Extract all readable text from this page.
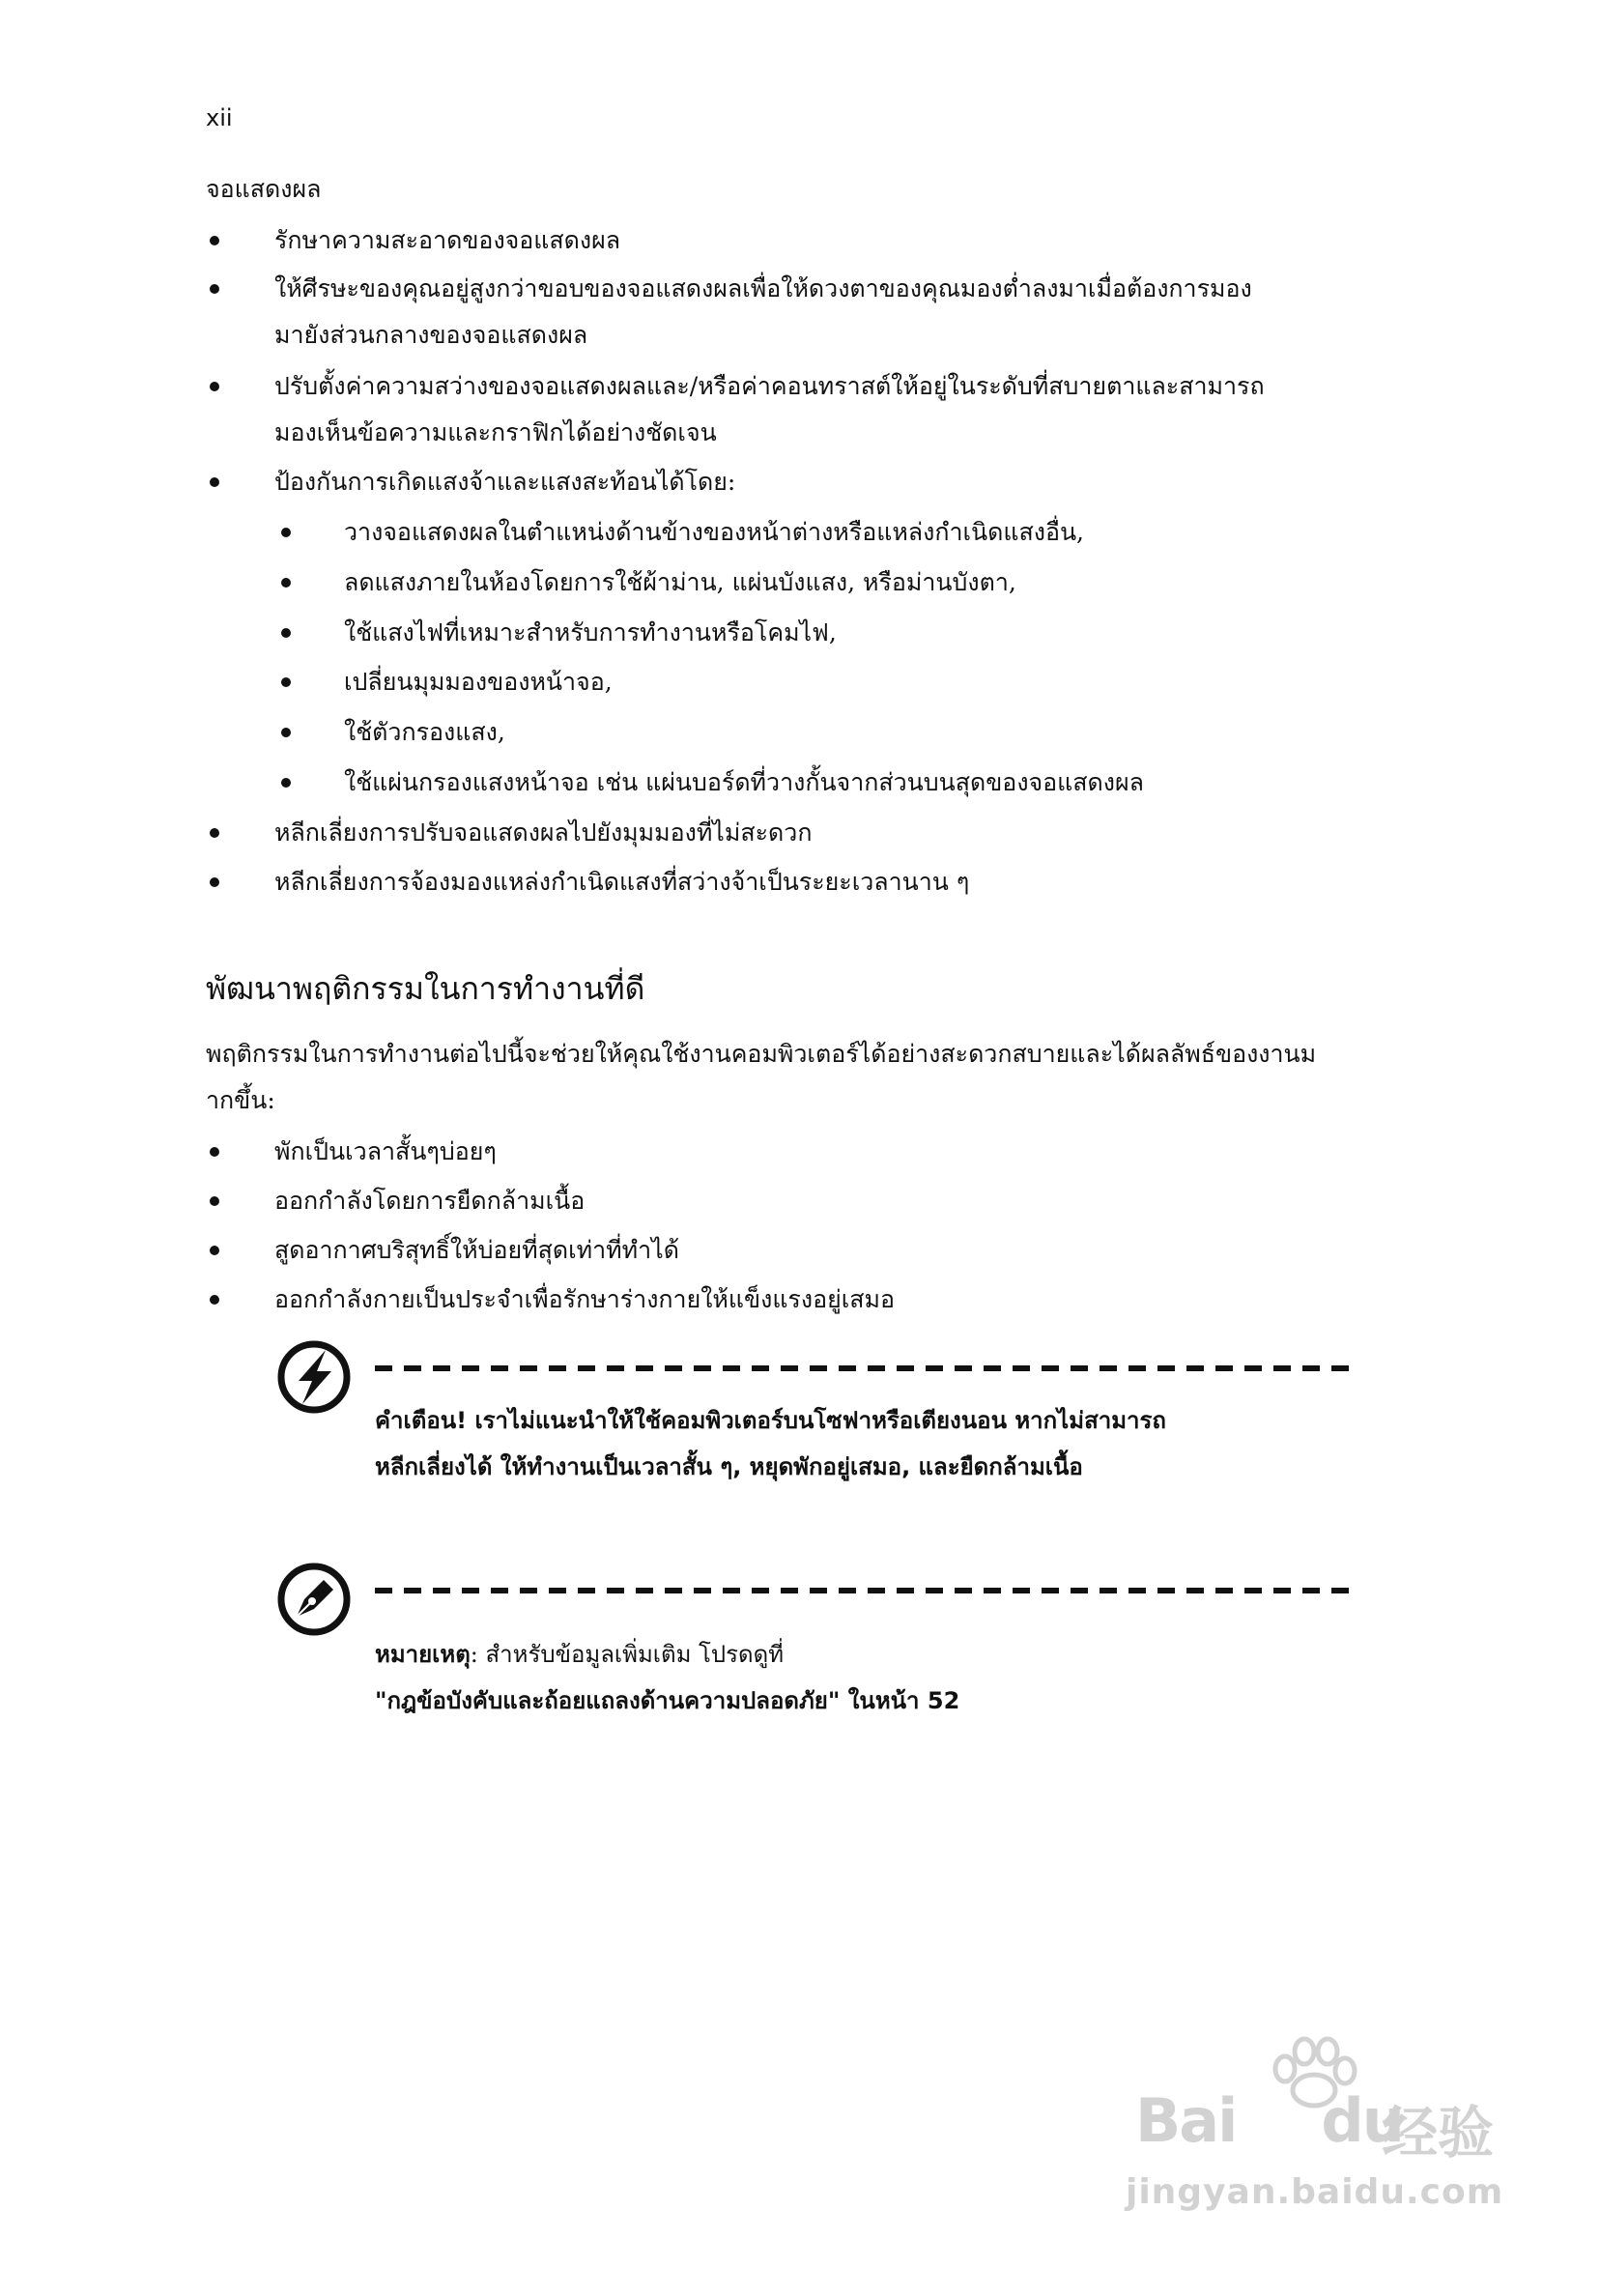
xii
จอแสดงผล
รักษาความสะอาดของจอแสดงผล
ให้ศีรษะของคุณอยู่สูงกว่าขอบของจอแสดงผลเพื่อให้ดวงตาของคุณมองต่ำลงมาเมื่อต้องการมอง
มายังส่วนกลางของจอแสดงผล
ปรับตั้งค่าความสว่างของจอแสดงผลและ/หรือค่าคอนทราสต์ให้อยู่ในระดับที่สบายตาและสามารถ
มองเห็นข้อความและกราฟิกได้อย่างชัดเจน
ป้องกันการเกิดแสงจ้าและแสงสะท้อนได้โดย:
วางจอแสดงผลในตำแหน่งด้านข้างของหน้าต่างหรือแหล่งกำเนิดแสงอื่น,
ลดแสงภายในห้องโดยการใช้ผ้าม่าน, แผ่นบังแสง, หรือม่านบังตา,
ใช้แสงไฟที่เหมาะสำหรับการทำงานหรือโคมไฟ,
เปลี่ยนมุมมองของหน้าจอ,
ใช้ตัวกรองแสง,
ใช้แผ่นกรองแสงหน้าจอ เช่น แผ่นบอร์ดที่วางกั้นจากส่วนบนสุดของจอแสดงผล
หลีกเลี่ยงการปรับจอแสดงผลไปยังมุมมองที่ไม่สะดวก
หลีกเลี่ยงการจ้องมองแหล่งกำเนิดแสงที่สว่างจ้าเป็นระยะเวลานาน ๆ
พัฒนาพฤติกรรมในการทำงานที่ดี
พฤติกรรมในการทำงานต่อไปนี้จะช่วยให้คุณใช้งานคอมพิวเตอร์ได้อย่างสะดวกสบายและได้ผลลัพธ์ของงานม
ากขึ้น:
พักเป็นเวลาสั้นๆบ่อยๆ
ออกกำลังโดยการยืดกล้ามเนื้อ
สูดอากาศบริสุทธิ์ให้บ่อยที่สุดเท่าที่ทำได้
ออกกำลังกายเป็นประจำเพื่อรักษาร่างกายให้แข็งแรงอยู่เสมอ
คำเตือน! เราไม่แนะนำให้ใช้คอมพิวเตอร์บนโซฟาหรือเตียงนอน หากไม่สามารถ
หลีกเลี่ยงได้ ให้ทำงานเป็นเวลาสั้น ๆ, หยุดพักอยู่เสมอ, และยืดกล้ามเนื้อ
หมายเหตุ: สำหรับข้อมูลเพิ่มเติม โปรดดูที่
"กฎข้อบังคับและถ้อยแถลงด้านความปลอดภัย" ในหน้า 52
Bai du
经验
jingyan.baidu.com
